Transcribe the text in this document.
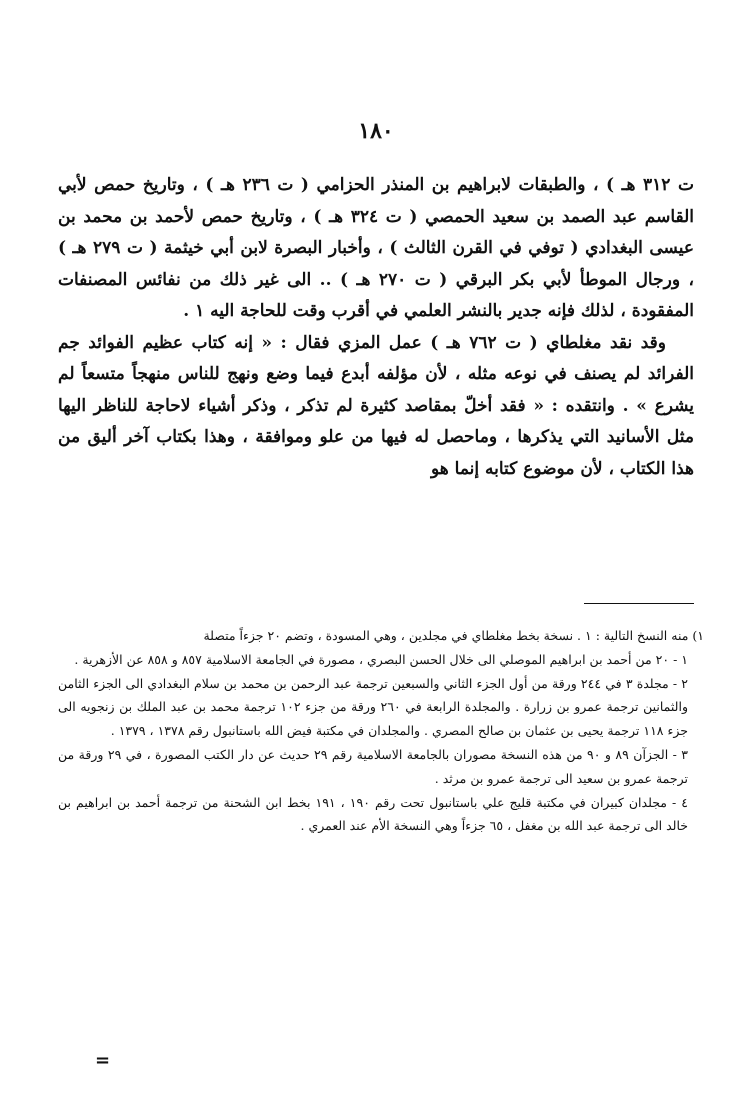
١٨٠

ت ٣١٢ هـ ) ، والطبقات لابراهيم بن المنذر الحزامي ( ت ٢٣٦ هـ ) ، وتاريخ حمص لأبي القاسم عبد الصمد بن سعيد الحمصي ( ت ٣٢٤ هـ ) ، وتاريخ حمص لأحمد بن محمد بن عيسى البغدادي ( توفي في القرن الثالث ) ، وأخبار البصرة لابن أبي خيثمة ( ت ٢٧٩ هـ ) ، ورجال الموطأ لأبي بكر البرقي ( ت ٢٧٠ هـ ) .. الى غير ذلك من نفائس المصنفات المفقودة ، لذلك فإنه جدير بالنشر العلمي في أقرب وقت للحاجة اليه ١ .

وقد نقد مغلطاي ( ت ٧٦٢ هـ ) عمل المزي فقال : « إنه كتاب عظيم الفوائد جم الفرائد لم يصنف في نوعه مثله ، لأن مؤلفه أبدع فيما وضع ونهج للناس منهجاً متسعاً لم يشرع » . وانتقده : « فقد أخلّ بمقاصد كثيرة لم تذكر ، وذكر أشياء لاحاجة للناظر اليها مثل الأسانيد التي يذكرها ، وماحصل له فيها من علو وموافقة ، وهذا بكتاب آخر أليق من هذا الكتاب ، لأن موضوع كتابه إنما هو

١) منه النسخ التالية : ١ . نسخة بخط مغلطاي في مجلدين ، وهي المسودة ، وتضم ٢٠ جزءاً متصلة

١ - ٢٠ من أحمد بن ابراهيم الموصلي الى خلال الحسن البصري ، مصورة في الجامعة الاسلامية ٨٥٧ و ٨٥٨ عن الأزهرية .

٢ - مجلدة ٣ في ٢٤٤ ورقة من أول الجزء الثاني والسبعين ترجمة عبد الرحمن بن محمد بن سلام البغدادي الى الجزء الثامن والثمانين ترجمة عمرو بن زرارة . والمجلدة الرابعة في ٢٦٠ ورقة من جزء ١٠٢ ترجمة محمد بن عبد الملك بن زنجويه الى جزء ١١٨ ترجمة يحيى بن عثمان بن صالح المصري . والمجلدان في مكتبة فيض الله باستانبول رقم ١٣٧٨ ، ١٣٧٩ .

٣ - الجزآن ٨٩ و ٩٠ من هذه النسخة مصوران بالجامعة الاسلامية رقم ٢٩ حديث عن دار الكتب المصورة ، في ٢٩ ورقة من ترجمة عمرو بن سعيد الى ترجمة عمرو بن مرثد .

٤ - مجلدان كبيران في مكتبة قليج علي باستانبول تحت رقم ١٩٠ ، ١٩١ بخط ابن الشحنة من ترجمة أحمد بن ابراهيم بن خالد الى ترجمة عبد الله بن مغفل ، ٦٥ جزءاً وهي النسخة الأم عند العمري .

=
